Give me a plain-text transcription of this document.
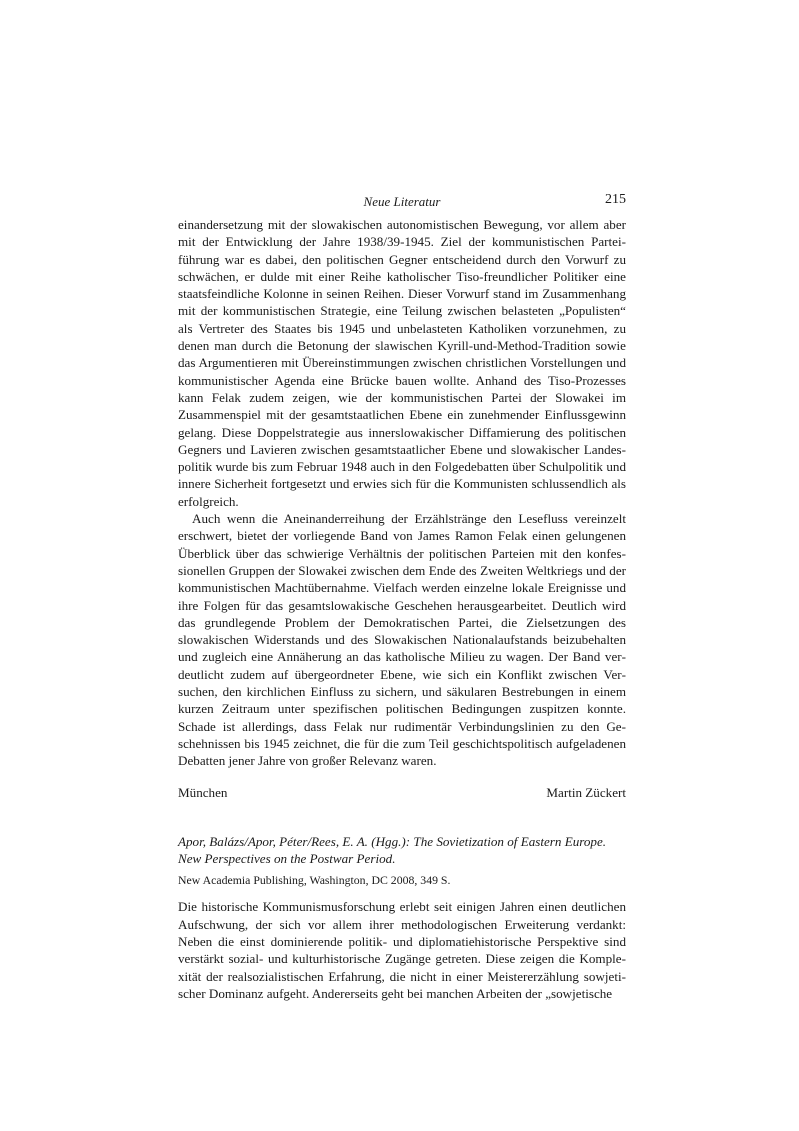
Neue Literatur	215

einandersetzung mit der slowakischen autonomistischen Bewegung, vor allem aber mit der Entwicklung der Jahre 1938/39-1945. Ziel der kommunistischen Parteiführung war es dabei, den politischen Gegner entscheidend durch den Vorwurf zu schwächen, er dulde mit einer Reihe katholischer Tiso-freundlicher Politiker eine staatsfeindliche Kolonne in seinen Reihen. Dieser Vorwurf stand im Zusammenhang mit der kommunistischen Strategie, eine Teilung zwischen belasteten „Populisten“ als Vertreter des Staates bis 1945 und unbelasteten Katholiken vorzunehmen, zu denen man durch die Betonung der slawischen Kyrill-und-Method-Tradition sowie das Argumentieren mit Übereinstimmungen zwischen christlichen Vorstellungen und kommunistischer Agenda eine Brücke bauen wollte. Anhand des Tiso-Prozesses kann Felak zudem zeigen, wie der kommunistischen Partei der Slowakei im Zusammenspiel mit der gesamtstaatlichen Ebene ein zunehmender Einflussgewinn gelang. Diese Doppelstrategie aus innerslowakischer Diffamierung des politischen Gegners und Lavieren zwischen gesamtstaatlicher Ebene und slowakischer Landespolitik wurde bis zum Februar 1948 auch in den Folgedebatten über Schulpolitik und innere Sicherheit fortgesetzt und erwies sich für die Kommunisten schlussendlich als erfolgreich.

Auch wenn die Aneinanderreihung der Erzählstränge den Lesefluss vereinzelt erschwert, bietet der vorliegende Band von James Ramon Felak einen gelungenen Überblick über das schwierige Verhältnis der politischen Parteien mit den konfessionellen Gruppen der Slowakei zwischen dem Ende des Zweiten Weltkriegs und der kommunistischen Machtübernahme. Vielfach werden einzelne lokale Ereignisse und ihre Folgen für das gesamtslowakische Geschehen herausgearbeitet. Deutlich wird das grundlegende Problem der Demokratischen Partei, die Zielsetzungen des slowakischen Widerstands und des Slowakischen Nationalaufstands beizubehalten und zugleich eine Annäherung an das katholische Milieu zu wagen. Der Band verdeutlicht zudem auf übergeordneter Ebene, wie sich ein Konflikt zwischen Versuchen, den kirchlichen Einfluss zu sichern, und säkularen Bestrebungen in einem kurzen Zeitraum unter spezifischen politischen Bedingungen zuspitzen konnte. Schade ist allerdings, dass Felak nur rudimentär Verbindungslinien zu den Geschehnissen bis 1945 zeichnet, die für die zum Teil geschichtspolitisch aufgeladenen Debatten jener Jahre von großer Relevanz waren.

München	Martin Zückert

Apor, Balázs/Apor, Péter/Rees, E. A. (Hgg.): The Sovietization of Eastern Europe. New Perspectives on the Postwar Period.

New Academia Publishing, Washington, DC 2008, 349 S.

Die historische Kommunismusforschung erlebt seit einigen Jahren einen deutlichen Aufschwung, der sich vor allem ihrer methodologischen Erweiterung verdankt: Neben die einst dominierende politik- und diplomatiehistorische Perspektive sind verstärkt sozial- und kulturhistorische Zugänge getreten. Diese zeigen die Komplexität der realsozialistischen Erfahrung, die nicht in einer Meistererzählung sowjetischer Dominanz aufgeht. Andererseits geht bei manchen Arbeiten der „sowjetische
